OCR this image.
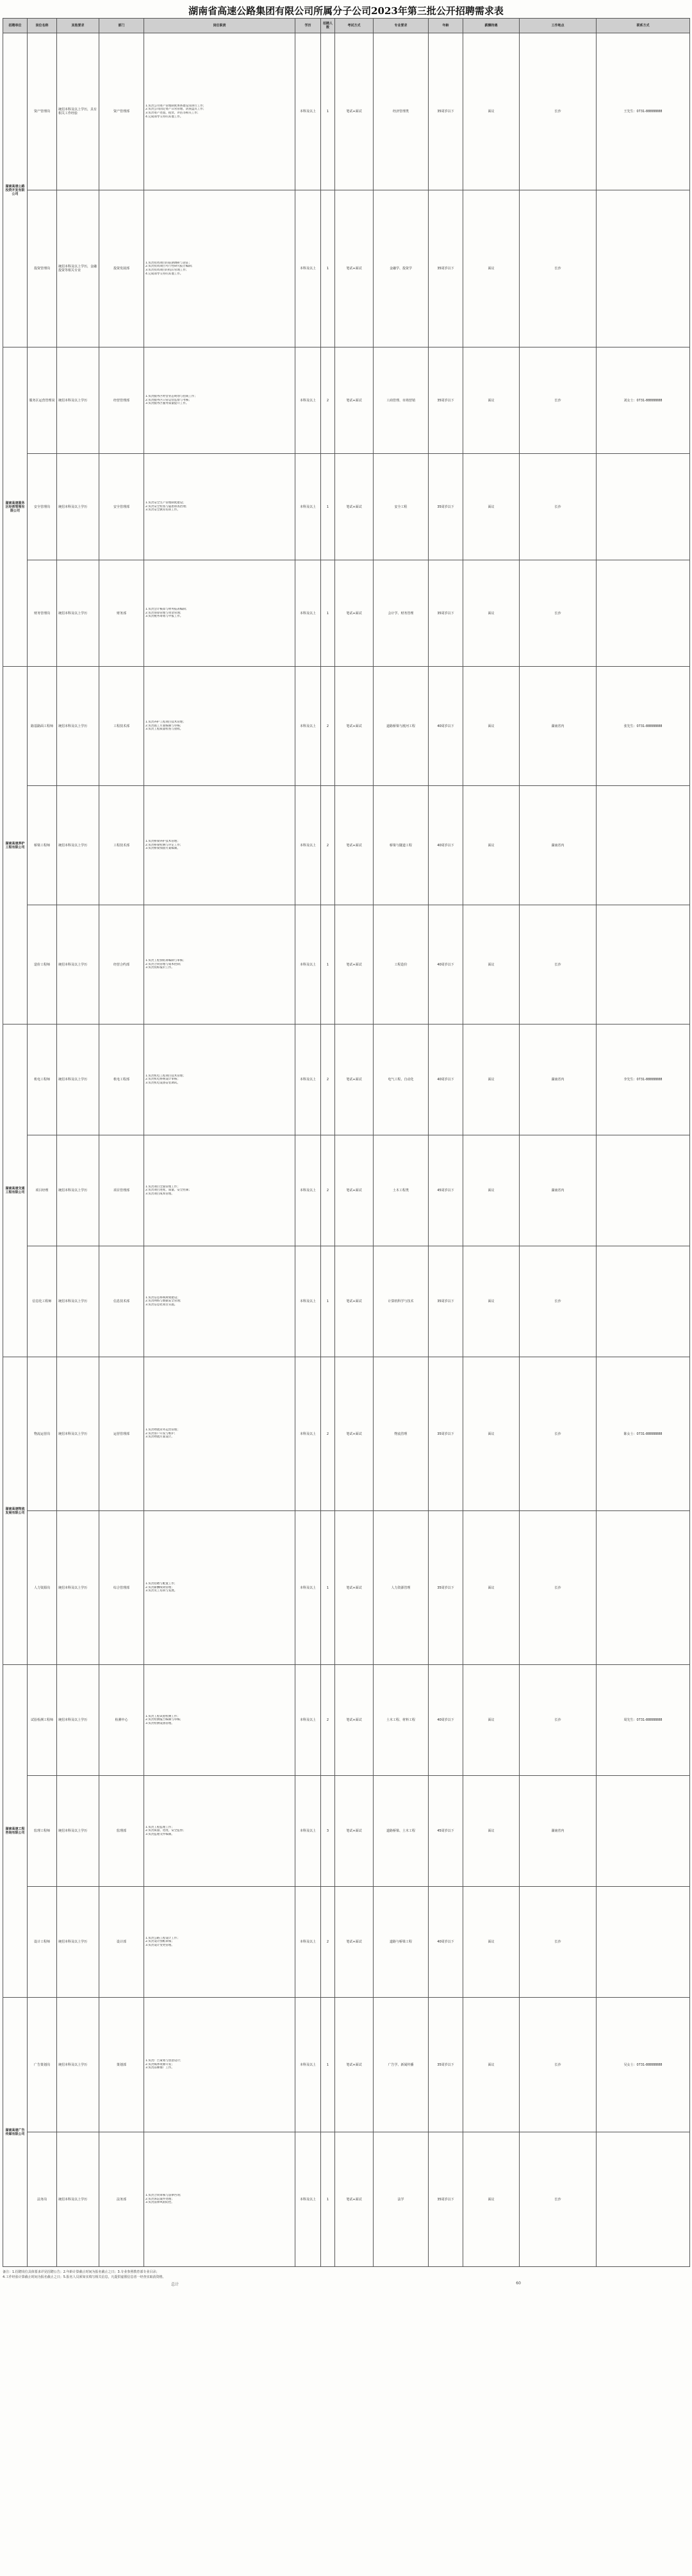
湖南省高速公路集团有限公司所属分子公司2023年第三批公开招聘需求表
招聘单位	岗位名称	其他要求	部门	岗位职责	学历	招聘人数	考试方式	专业要求	年龄	薪酬待遇	工作地点	联系方式
湖南高速公路投资开发有限公司	资产管理岗	统招本科及以上学历，具有相关工作经验	资产管理部	1.负责公司资产管理制度体系建设及执行工作；
2.负责公司固定资产日常管理、清查盘点工作；
3.负责资产处置、租赁、评估等相关工作；
4.完成领导交办的其他工作。	本科及以上	1	笔试+面试	经济管理类	35周岁以下	面议	长沙	王先生：0731-88888888
	投资管理岗	统招本科及以上学历，金融投资等相关专业	投资发展部	1.负责投资项目的前期调研与论证；
2.负责投资项目可行性研究报告编制；
3.负责投资项目的投后管理工作；
4.完成领导交办的其他工作。	本科及以上	1	笔试+面试	金融学、投资学	35周岁以下	面议	长沙	
湖南高速服务区经营管理有限公司	服务区运营管理岗	统招本科及以上学历	经营管理部	1.负责服务区经营业态规划与招商工作；
2.负责服务区日常运营监督与考核；
3.负责服务区服务质量提升工作。	本科及以上	2	笔试+面试	工商管理、市场营销	35周岁以下	面议	长沙	刘女士：0731-88888888
	安全管理岗	统招本科及以上学历	安全管理部	1.负责安全生产管理制度建设；
2.负责安全检查与隐患排查治理；
3.负责安全教育培训工作。	本科及以上	1	笔试+面试	安全工程	35周岁以下	面议	长沙	
	财务管理岗	统招本科及以上学历	财务部	1.负责会计核算与财务报表编制；
2.负责预算管理与资金管理；
3.负责税务筹划与申报工作。	本科及以上	1	笔试+面试	会计学、财务管理	35周岁以下	面议	长沙	
湖南高速养护工程有限公司	路基路面工程师	统招本科及以上学历	工程技术部	1.负责养护工程项目技术管理；
2.负责施工方案编制与审核；
3.负责工程质量检查与验收。	本科及以上	2	笔试+面试	道路桥梁与渡河工程	40周岁以下	面议	湖南省内	张先生：0731-88888888
	桥梁工程师	统招本科及以上学历	工程技术部	1.负责桥梁养护技术管理；
2.负责桥梁检测与评定工作；
3.负责桥梁加固方案编制。	本科及以上	2	笔试+面试	桥梁与隧道工程	40周岁以下	面议	湖南省内	
	造价工程师	统招本科及以上学历	经营合约部	1.负责工程预结算编制与审核；
2.负责合同管理与成本控制；
3.负责投标报价工作。	本科及以上	1	笔试+面试	工程造价	40周岁以下	面议	长沙	
湖南高速交通工程有限公司	机电工程师	统招本科及以上学历	机电工程部	1.负责机电工程项目技术管理；
2.负责机电系统设计审核；
3.负责机电设备安装调试。	本科及以上	2	笔试+面试	电气工程、自动化	40周岁以下	面议	湖南省内	李先生：0731-88888888
	项目经理	统招本科及以上学历	项目管理部	1.负责项目全面管理工作；
2.负责项目进度、质量、安全控制；
3.负责项目成本管理。	本科及以上	2	笔试+面试	土木工程类	45周岁以下	面议	湖南省内	
	信息化工程师	统招本科及以上学历	信息技术部	1.负责信息系统规划建设；
2.负责网络与数据安全管理；
3.负责信息化项目实施。	本科及以上	1	笔试+面试	计算机科学与技术	35周岁以下	面议	长沙	
湖南高速物流发展有限公司	物流运营岗	统招本科及以上学历	运营管理部	1.负责物流业务运营管理；
2.负责客户开发与维护；
3.负责物流方案设计。	本科及以上	2	笔试+面试	物流管理	35周岁以下	面议	长沙	陈女士：0731-88888888
	人力资源岗	统招本科及以上学历	综合管理部	1.负责招聘与配置工作；
2.负责薪酬绩效管理；
3.负责员工培训与发展。	本科及以上	1	笔试+面试	人力资源管理	35周岁以下	面议	长沙	
湖南高速工程咨询有限公司	试验检测工程师	统招本科及以上学历	检测中心	1.负责工程试验检测工作；
2.负责检测报告编制与审核；
3.负责检测设备管理。	本科及以上	2	笔试+面试	土木工程、材料工程	40周岁以下	面议	长沙	周先生：0731-88888888
	监理工程师	统招本科及以上学历	监理部	1.负责工程监理工作；
2.负责质量、进度、安全监督；
3.负责监理文件编制。	本科及以上	3	笔试+面试	道路桥梁、土木工程	45周岁以下	面议	湖南省内	
	设计工程师	统招本科及以上学历	设计部	1.负责公路工程设计工作；
2.负责设计图纸审核；
3.负责设计变更管理。	本科及以上	2	笔试+面试	道路与桥梁工程	40周岁以下	面议	长沙	
湖南高速广告传媒有限公司	广告策划岗	统招本科及以上学历	策划部	1.负责广告策划与创意设计；
2.负责媒体资源开发；
3.负责品牌推广工作。	本科及以上	1	笔试+面试	广告学、新闻传播	35周岁以下	面议	长沙	吴女士：0731-88888888
	法务岗	统招本科及以上学历	法务部	1.负责合同审核与法律咨询；
2.负责诉讼案件处理；
3.负责法律风险防控。	本科及以上	1	笔试+面试	法学	35周岁以下	面议	长沙	
备注：1.招聘岗位具体要求详见招聘公告；2.年龄计算截止时间为报名截止之日；3.专业参照教育部专业目录；
4.工作经验计算截止时间为报名截止之日；5.报名人员须如实填写相关信息，凡提供虚假信息者一经查实取消资格。
总计	60
